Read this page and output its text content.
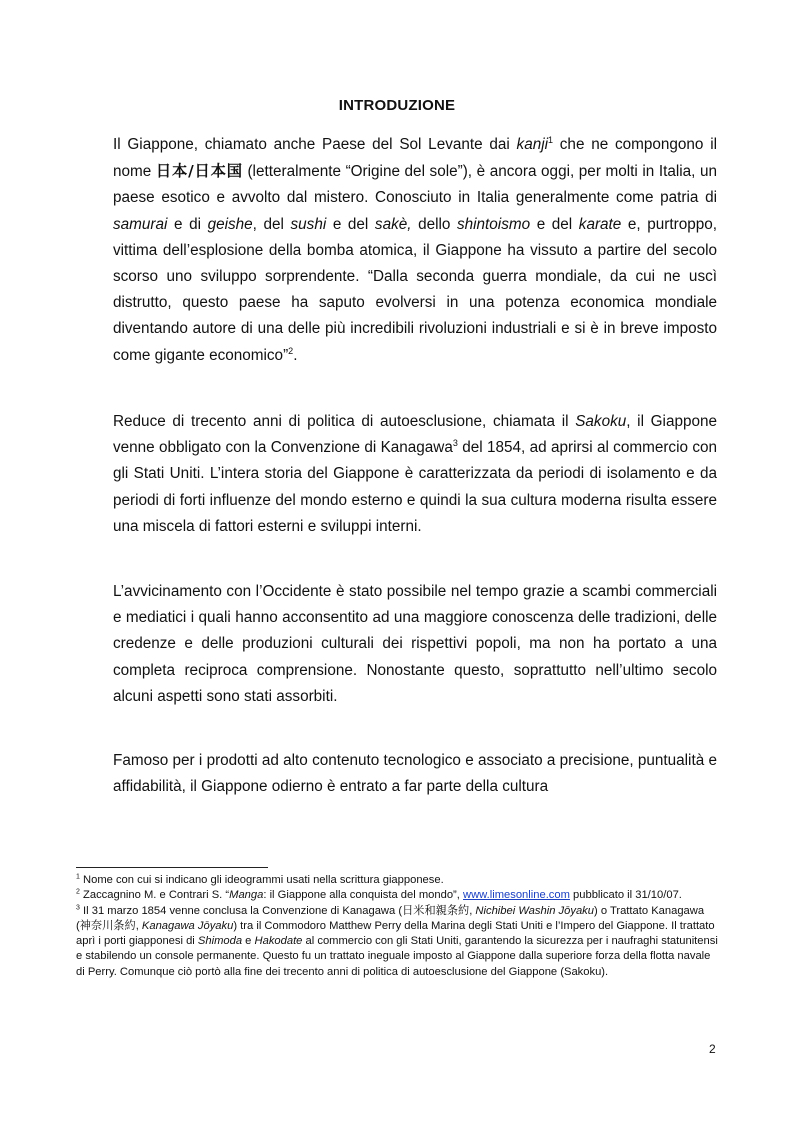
INTRODUZIONE
Il Giappone, chiamato anche Paese del Sol Levante dai kanji$^1$ che ne compongono il nome 日本/日本国 (letteralmente “Origine del sole”), è ancora oggi, per molti in Italia, un paese esotico e avvolto dal mistero. Conosciuto in Italia generalmente come patria di samurai e di geishe, del sushi e del sakè, dello shintoismo e del karate e, purtroppo, vittima dell’esplosione della bomba atomica, il Giappone ha vissuto a partire del secolo scorso uno sviluppo sorprendente. “Dalla seconda guerra mondiale, da cui ne uscì distrutto, questo paese ha saputo evolversi in una potenza economica mondiale diventando autore di una delle più incredibili rivoluzioni industriali e si è in breve imposto come gigante economico”$^2$.
Reduce di trecento anni di politica di autoesclusione, chiamata il Sakoku, il Giappone venne obbligato con la Convenzione di Kanagawa$^3$ del 1854, ad aprirsi al commercio con gli Stati Uniti. L’intera storia del Giappone è caratterizzata da periodi di isolamento e da periodi di forti influenze del mondo esterno e quindi la sua cultura moderna risulta essere una miscela di fattori esterni e sviluppi interni.
L’avvicinamento con l’Occidente è stato possibile nel tempo grazie a scambi commerciali e mediatici i quali hanno acconsentito ad una maggiore conoscenza delle tradizioni, delle credenze e delle produzioni culturali dei rispettivi popoli, ma non ha portato a una completa reciproca comprensione. Nonostante questo, soprattutto nell’ultimo secolo alcuni aspetti sono stati assorbiti.
Famoso per i prodotti ad alto contenuto tecnologico e associato a precisione, puntualità e affidabilità, il Giappone odierno è entrato a far parte della cultura
$^1$ Nome con cui si indicano gli ideogrammi usati nella scrittura giapponese.
$^2$ Zaccagnino M. e Contrari S. “Manga: il Giappone alla conquista del mondo”, www.limesonline.com pubblicato il 31/10/07.
$^3$ Il 31 marzo 1854 venne conclusa la Convenzione di Kanagawa (日米和親条約, Nichibei Washin Jōyaku) o Trattato Kanagawa (神奈川条約, Kanagawa Jōyaku) tra il Commodoro Matthew Perry della Marina degli Stati Uniti e l’Impero del Giappone. Il trattato aprì i porti giapponesi di Shimoda e Hakodate al commercio con gli Stati Uniti, garantendo la sicurezza per i naufraghi statunitensi e stabilendo un console permanente. Questo fu un trattato ineguale imposto al Giappone dalla superiore forza della flotta navale di Perry. Comunque ciò portò alla fine dei trecento anni di politica di autoesclusione del Giappone (Sakoku).
2
